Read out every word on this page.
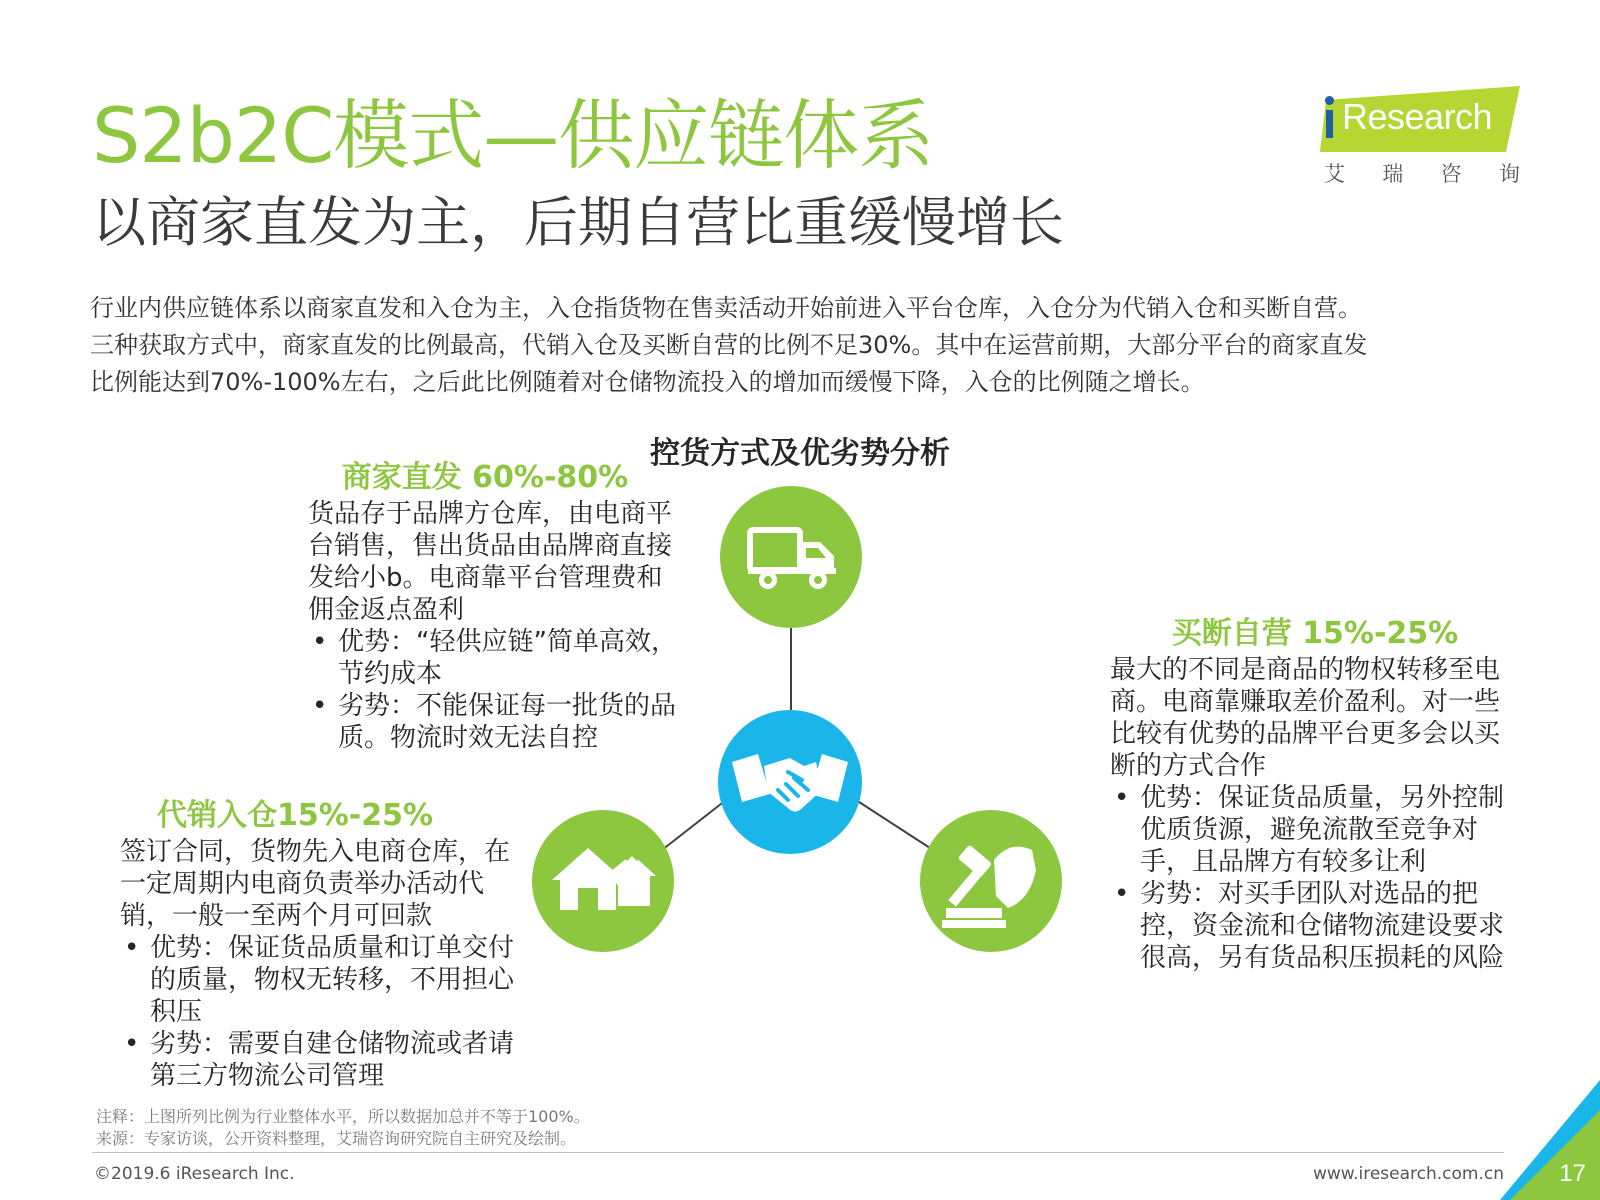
S2b2C模式—供应链体系
以商家直发为主，后期自营比重缓慢增长
Research
艾 瑞 咨 询

行业内供应链体系以商家直发和入仓为主，入仓指货物在售卖活动开始前进入平台仓库，入仓分为代销入仓和买断自营。

三种获取方式中，商家直发的比例最高，代销入仓及买断自营的比例不足30%。其中在运营前期，大部分平台的商家直发

比例能达到70%-100%左右，之后此比例随着对仓储物流投入的增加而缓慢下降，入仓的比例随之增长。

控货方式及优劣势分析
商家直发 60%-80%
货品存于品牌方仓库，由电商平台销售，售出货品由品牌商直接发给小b。电商靠平台管理费和佣金返点盈利
• 优势：“轻供应链”简单高效，节约成本
• 劣势：不能保证每一批货的品质。物流时效无法自控
代销入仓15%-25%
签订合同，货物先入电商仓库，在一定周期内电商负责举办活动代销，一般一至两个月可回款
• 优势：保证货品质量和订单交付的质量，物权无转移，不用担心积压
• 劣势：需要自建仓储物流或者请第三方物流公司管理
买断自营 15%-25%
最大的不同是商品的物权转移至电商。电商靠赚取差价盈利。对一些比较有优势的品牌平台更多会以买断的方式合作
• 优势：保证货品质量，另外控制优质货源，避免流散至竞争对手，且品牌方有较多让利
• 劣势：对买手团队对选品的把控，资金流和仓储物流建设要求很高，另有货品积压损耗的风险
注释：上图所列比例为行业整体水平，所以数据加总并不等于100%。
来源：专家访谈，公开资料整理，艾瑞咨询研究院自主研究及绘制。
©2019.6 iResearch Inc.	www.iresearch.com.cn 17
